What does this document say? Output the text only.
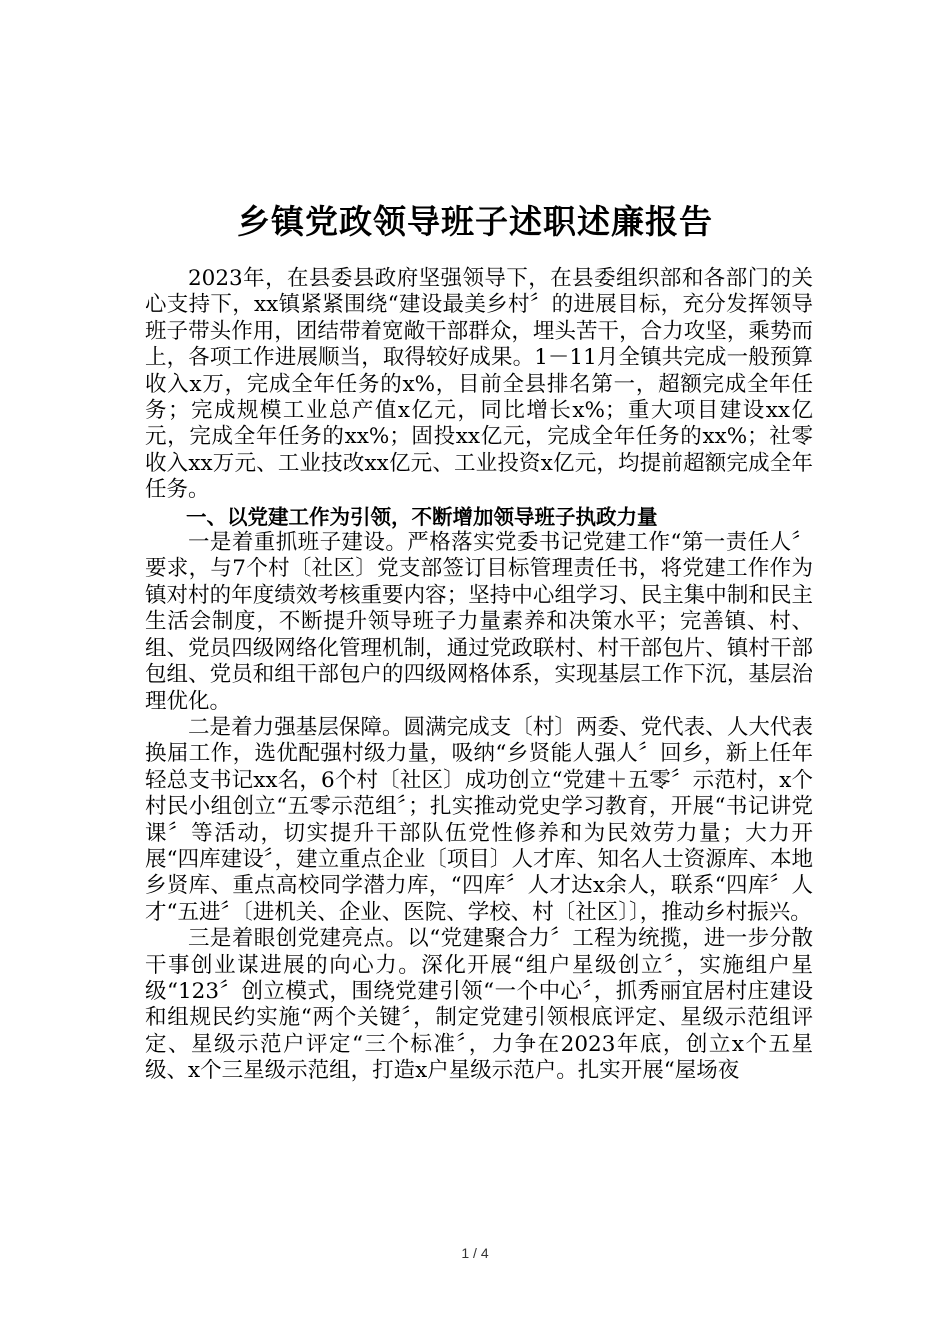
乡镇党政领导班子述职述廉报告

2023年，在县委县政府坚强领导下，在县委组织部和各部门的关心支持下，xx镇紧紧围绕“建设最美乡村〞的进展目标，充分发挥领导班子带头作用，团结带着宽敞干部群众，埋头苦干，合力攻坚，乘势而上，各项工作进展顺当，取得较好成果。1－11月全镇共完成一般预算收入x万，完成全年任务的x%，目前全县排名第一，超额完成全年任务；完成规模工业总产值x亿元，同比增长x%；重大项目建设xx亿元，完成全年任务的xx%；固投xx亿元，完成全年任务的xx%；社零收入xx万元、工业技改xx亿元、工业投资x亿元，均提前超额完成全年任务。

一、以党建工作为引领，不断增加领导班子执政力量

一是着重抓班子建设。严格落实党委书记党建工作“第一责任人〞要求，与7个村〔社区〕党支部签订目标管理责任书，将党建工作作为镇对村的年度绩效考核重要内容；坚持中心组学习、民主集中制和民主生活会制度，不断提升领导班子力量素养和决策水平；完善镇、村、组、党员四级网络化管理机制，通过党政联村、村干部包片、镇村干部包组、党员和组干部包户的四级网格体系，实现基层工作下沉，基层治理优化。

二是着力强基层保障。圆满完成支〔村〕两委、党代表、人大代表换届工作，选优配强村级力量，吸纳“乡贤能人强人〞回乡，新上任年轻总支书记xx名，6个村〔社区〕成功创立“党建＋五零〞示范村，x个村民小组创立“五零示范组〞；扎实推动党史学习教育，开展“书记讲党课〞等活动，切实提升干部队伍党性修养和为民效劳力量；大力开展“四库建设〞，建立重点企业〔项目〕人才库、知名人士资源库、本地乡贤库、重点高校同学潜力库，“四库〞人才达x余人，联系“四库〞人才“五进〞〔进机关、企业、医院、学校、村〔社区〕〕，推动乡村振兴。

三是着眼创党建亮点。以“党建聚合力〞工程为统揽，进一步分散干事创业谋进展的向心力。深化开展“组户星级创立〞，实施组户星级“123〞创立模式，围绕党建引领“一个中心〞，抓秀丽宜居村庄建设和组规民约实施“两个关键〞，制定党建引领根底评定、星级示范组评定、星级示范户评定“三个标准〞，力争在2023年底，创立x个五星级、x个三星级示范组，打造x户星级示范户。扎实开展“屋场夜

1 / 4
